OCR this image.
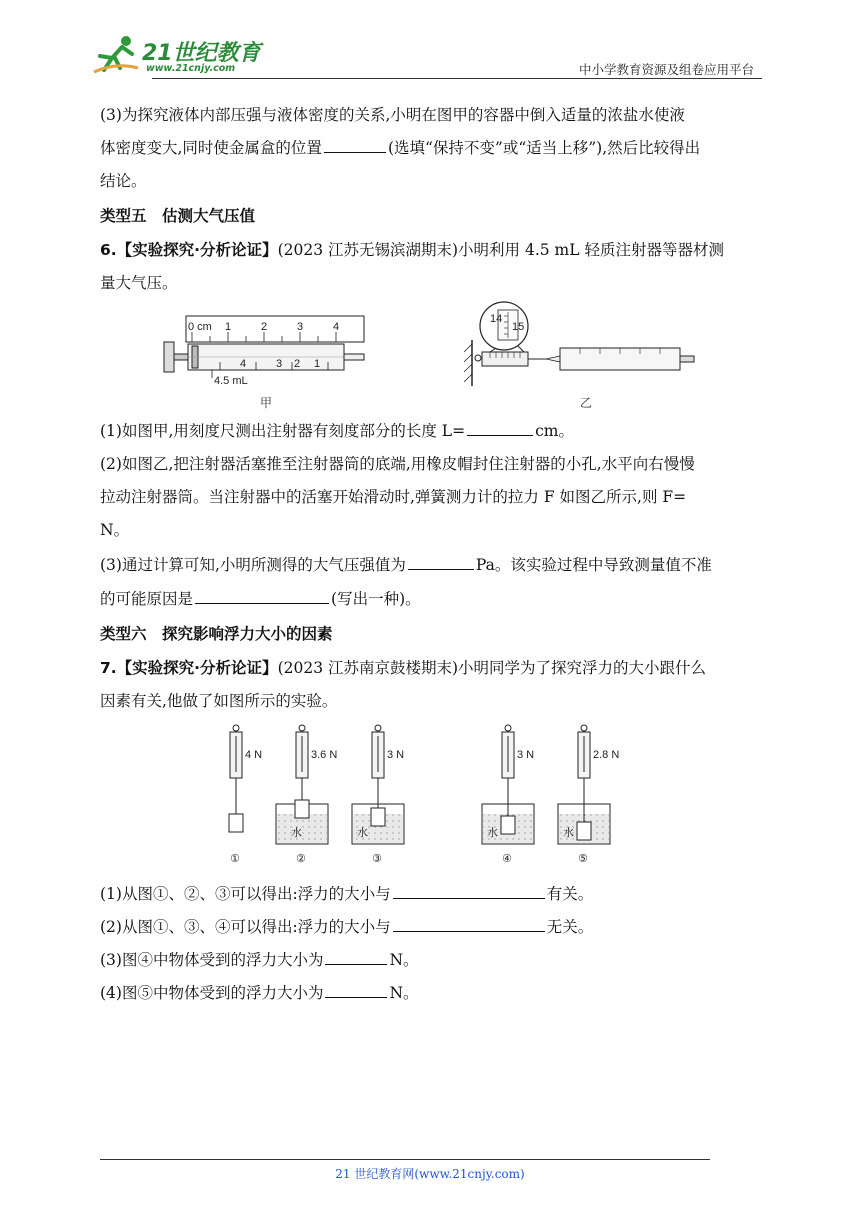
21世纪教育
www.21cnjy.com	中小学教育资源及组卷应用平台
(3)为探究液体内部压强与液体密度的关系,小明在图甲的容器中倒入适量的浓盐水使液
体密度变大,同时使金属盒的位置	(选填“保持不变”或“适当上移”),然后比较得出
结论。
类型五　估测大气压值
6.【实验探究·分析论证】(2023 江苏无锡滨湖期末)小明利用 4.5 mL 轻质注射器等器材测
量大气压。
0 cm 1	2	3	4
4	3 2 1
4.5 mL
甲
14
15
乙
(1)如图甲,用刻度尺测出注射器有刻度部分的长度 L=	cm。
(2)如图乙,把注射器活塞推至注射器筒的底端,用橡皮帽封住注射器的小孔,水平向右慢慢
拉动注射器筒。当注射器中的活塞开始滑动时,弹簧测力计的拉力 F 如图乙所示,则 F=
N。
(3)通过计算可知,小明所测得的大气压强值为	Pa。该实验过程中导致测量值不准
的可能原因是	(写出一种)。
类型六　探究影响浮力大小的因素
7.【实验探究·分析论证】(2023 江苏南京鼓楼期末)小明同学为了探究浮力的大小跟什么
因素有关,他做了如图所示的实验。
4 N
①
3.6 N
水
②
3 N
水
③
3 N
水
④
2.8 N
水
⑤
(1)从图①、②、③可以得出:浮力的大小与	有关。
(2)从图①、③、④可以得出:浮力的大小与	无关。
(3)图④中物体受到的浮力大小为	N。
(4)图⑤中物体受到的浮力大小为	N。
21 世纪教育网(www.21cnjy.com)
